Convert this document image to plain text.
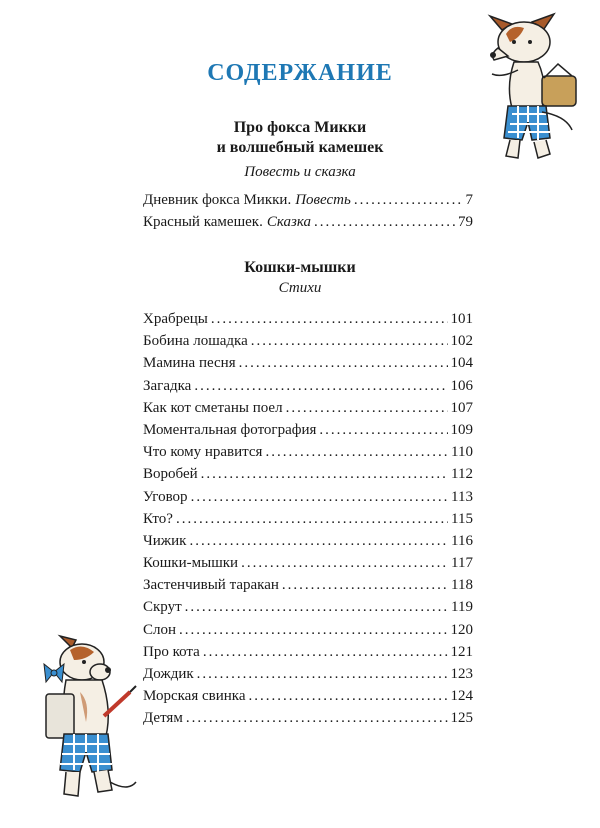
СОДЕРЖАНИЕ
Про фокса Микки
и волшебный камешек
Повесть и сказка
Дневник фокса Микки. Повесть .....	7
Красный камешек. Сказка .....	79
Кошки-мышки
Стихи
Храбрецы .....	101
Бобина лошадка .....	102
Мамина песня .....	104
Загадка .....	106
Как кот сметаны поел .....	107
Моментальная фотография .....	109
Что кому нравится .....	110
Воробей .....	112
Уговор .....	113
Кто? .....	115
Чижик .....	116
Кошки-мышки .....	117
Застенчивый таракан .....	118
Скрут .....	119
Слон .....	120
Про кота .....	121
Дождик .....	123
Морская свинка .....	124
Детям .....	125
